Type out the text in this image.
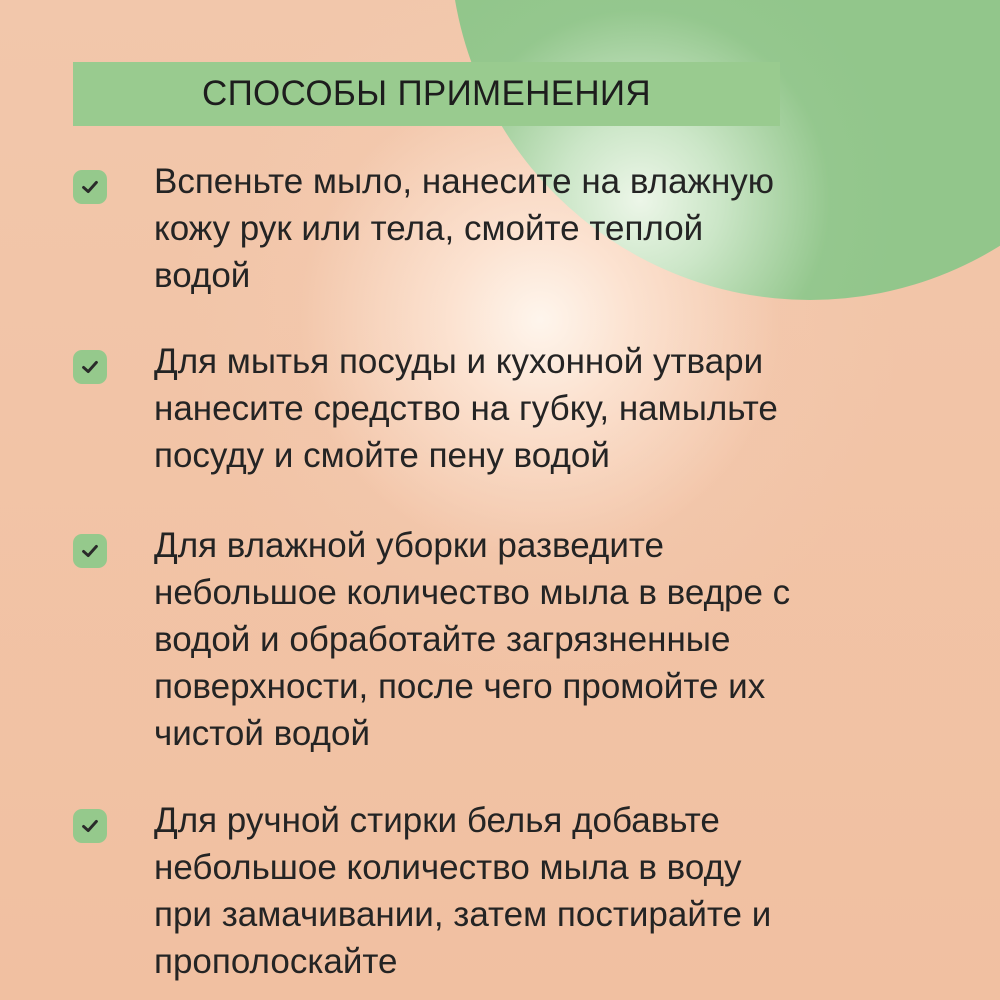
СПОСОБЫ ПРИМЕНЕНИЯ
Вспеньте мыло, нанесите на влажную
кожу рук или тела, смойте теплой
водой
Для мытья посуды и кухонной утвари
нанесите средство на губку, намыльте
посуду и смойте пену водой
Для влажной уборки разведите
небольшое количество мыла в ведре с
водой и обработайте загрязненные
поверхности, после чего промойте их
чистой водой
Для ручной стирки белья добавьте
небольшое количество мыла в воду
при замачивании, затем постирайте и
прополоскайте
